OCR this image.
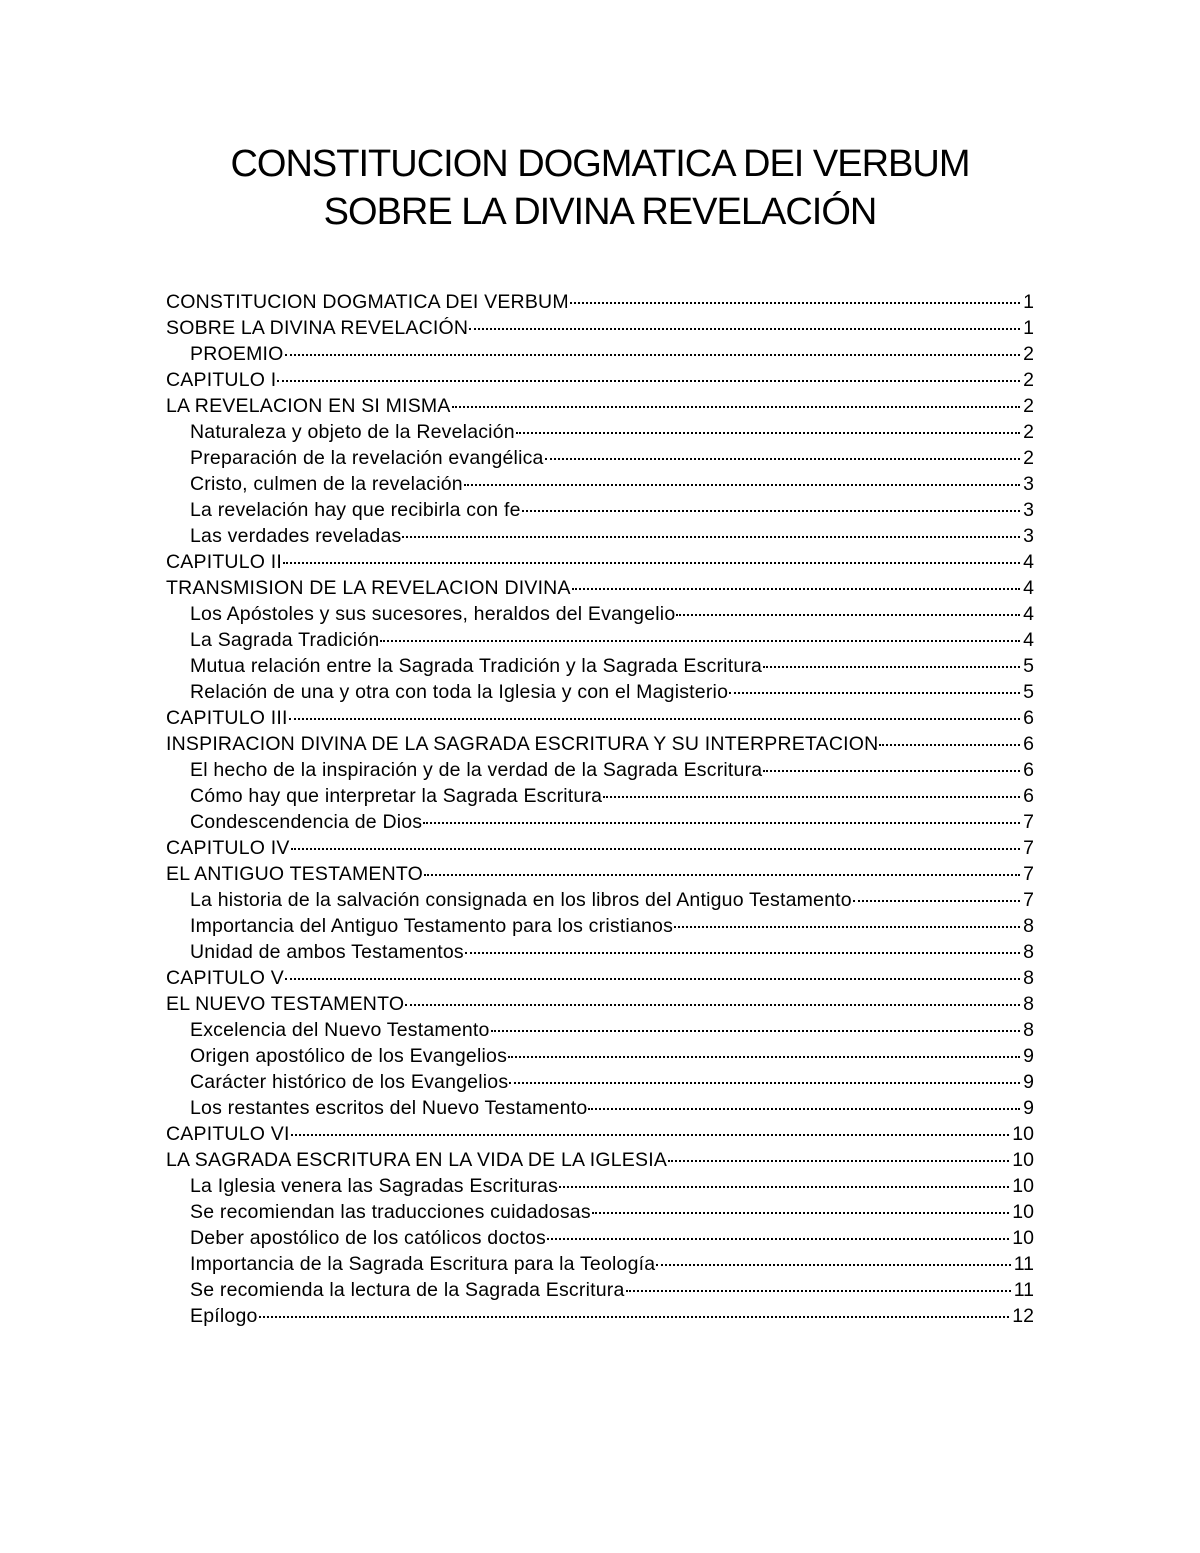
CONSTITUCION DOGMATICA DEI VERBUM
SOBRE LA DIVINA REVELACIÓN
CONSTITUCION DOGMATICA DEI VERBUM	1
SOBRE LA DIVINA REVELACIÓN	1
PROEMIO	2
CAPITULO I	2
LA REVELACION EN SI MISMA	2
Naturaleza y objeto de la Revelación	2
Preparación de la revelación evangélica	2
Cristo, culmen de la revelación	3
La revelación hay que recibirla con fe	3
Las verdades reveladas	3
CAPITULO II	4
TRANSMISION DE LA REVELACION DIVINA	4
Los Apóstoles y sus sucesores, heraldos del Evangelio	4
La Sagrada Tradición	4
Mutua relación entre la Sagrada Tradición y la Sagrada Escritura	5
Relación de una y otra con toda la Iglesia y con el Magisterio	5
CAPITULO III	6
INSPIRACION DIVINA DE LA SAGRADA ESCRITURA Y SU INTERPRETACION	6
El hecho de la inspiración y de la verdad de la Sagrada Escritura	6
Cómo hay que interpretar la Sagrada Escritura	6
Condescendencia de Dios	7
CAPITULO IV	7
EL ANTIGUO TESTAMENTO	7
La historia de la salvación consignada en los libros del Antiguo Testamento	7
Importancia del Antiguo Testamento para los cristianos	8
Unidad de ambos Testamentos	8
CAPITULO V	8
EL NUEVO TESTAMENTO	8
Excelencia del Nuevo Testamento	8
Origen apostólico de los Evangelios	9
Carácter histórico de los Evangelios	9
Los restantes escritos del Nuevo Testamento	9
CAPITULO VI	10
LA SAGRADA ESCRITURA EN LA VIDA DE LA IGLESIA	10
La Iglesia venera las Sagradas Escrituras	10
Se recomiendan las traducciones cuidadosas	10
Deber apostólico de los católicos doctos	10
Importancia de la Sagrada Escritura para la Teología	11
Se recomienda la lectura de la Sagrada Escritura	11
Epílogo	12
